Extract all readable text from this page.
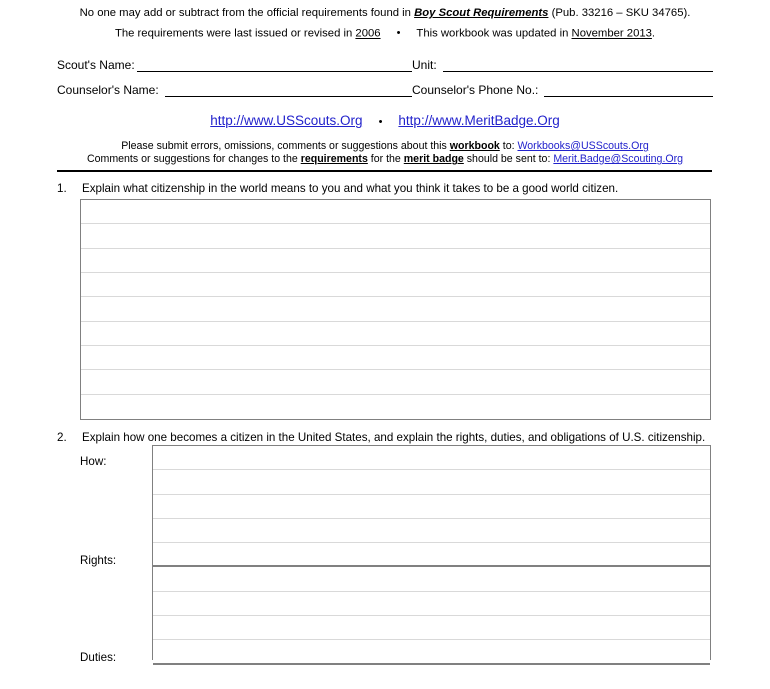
No one may add or subtract from the official requirements found in Boy Scout Requirements (Pub. 33216 – SKU 34765).
The requirements were last issued or revised in 2006 • This workbook was updated in November 2013.
Scout's Name:	Unit:
Counselor's Name:	Counselor's Phone No.:
http://www.USScouts.Org • http://www.MeritBadge.Org
Please submit errors, omissions, comments or suggestions about this workbook to: Workbooks@USScouts.Org
Comments or suggestions for changes to the requirements for the merit badge should be sent to: Merit.Badge@Scouting.Org
1.	Explain what citizenship in the world means to you and what you think it takes to be a good world citizen.
2.	Explain how one becomes a citizen in the United States, and explain the rights, duties, and obligations of U.S. citizenship.
How:
Rights:
Duties:
